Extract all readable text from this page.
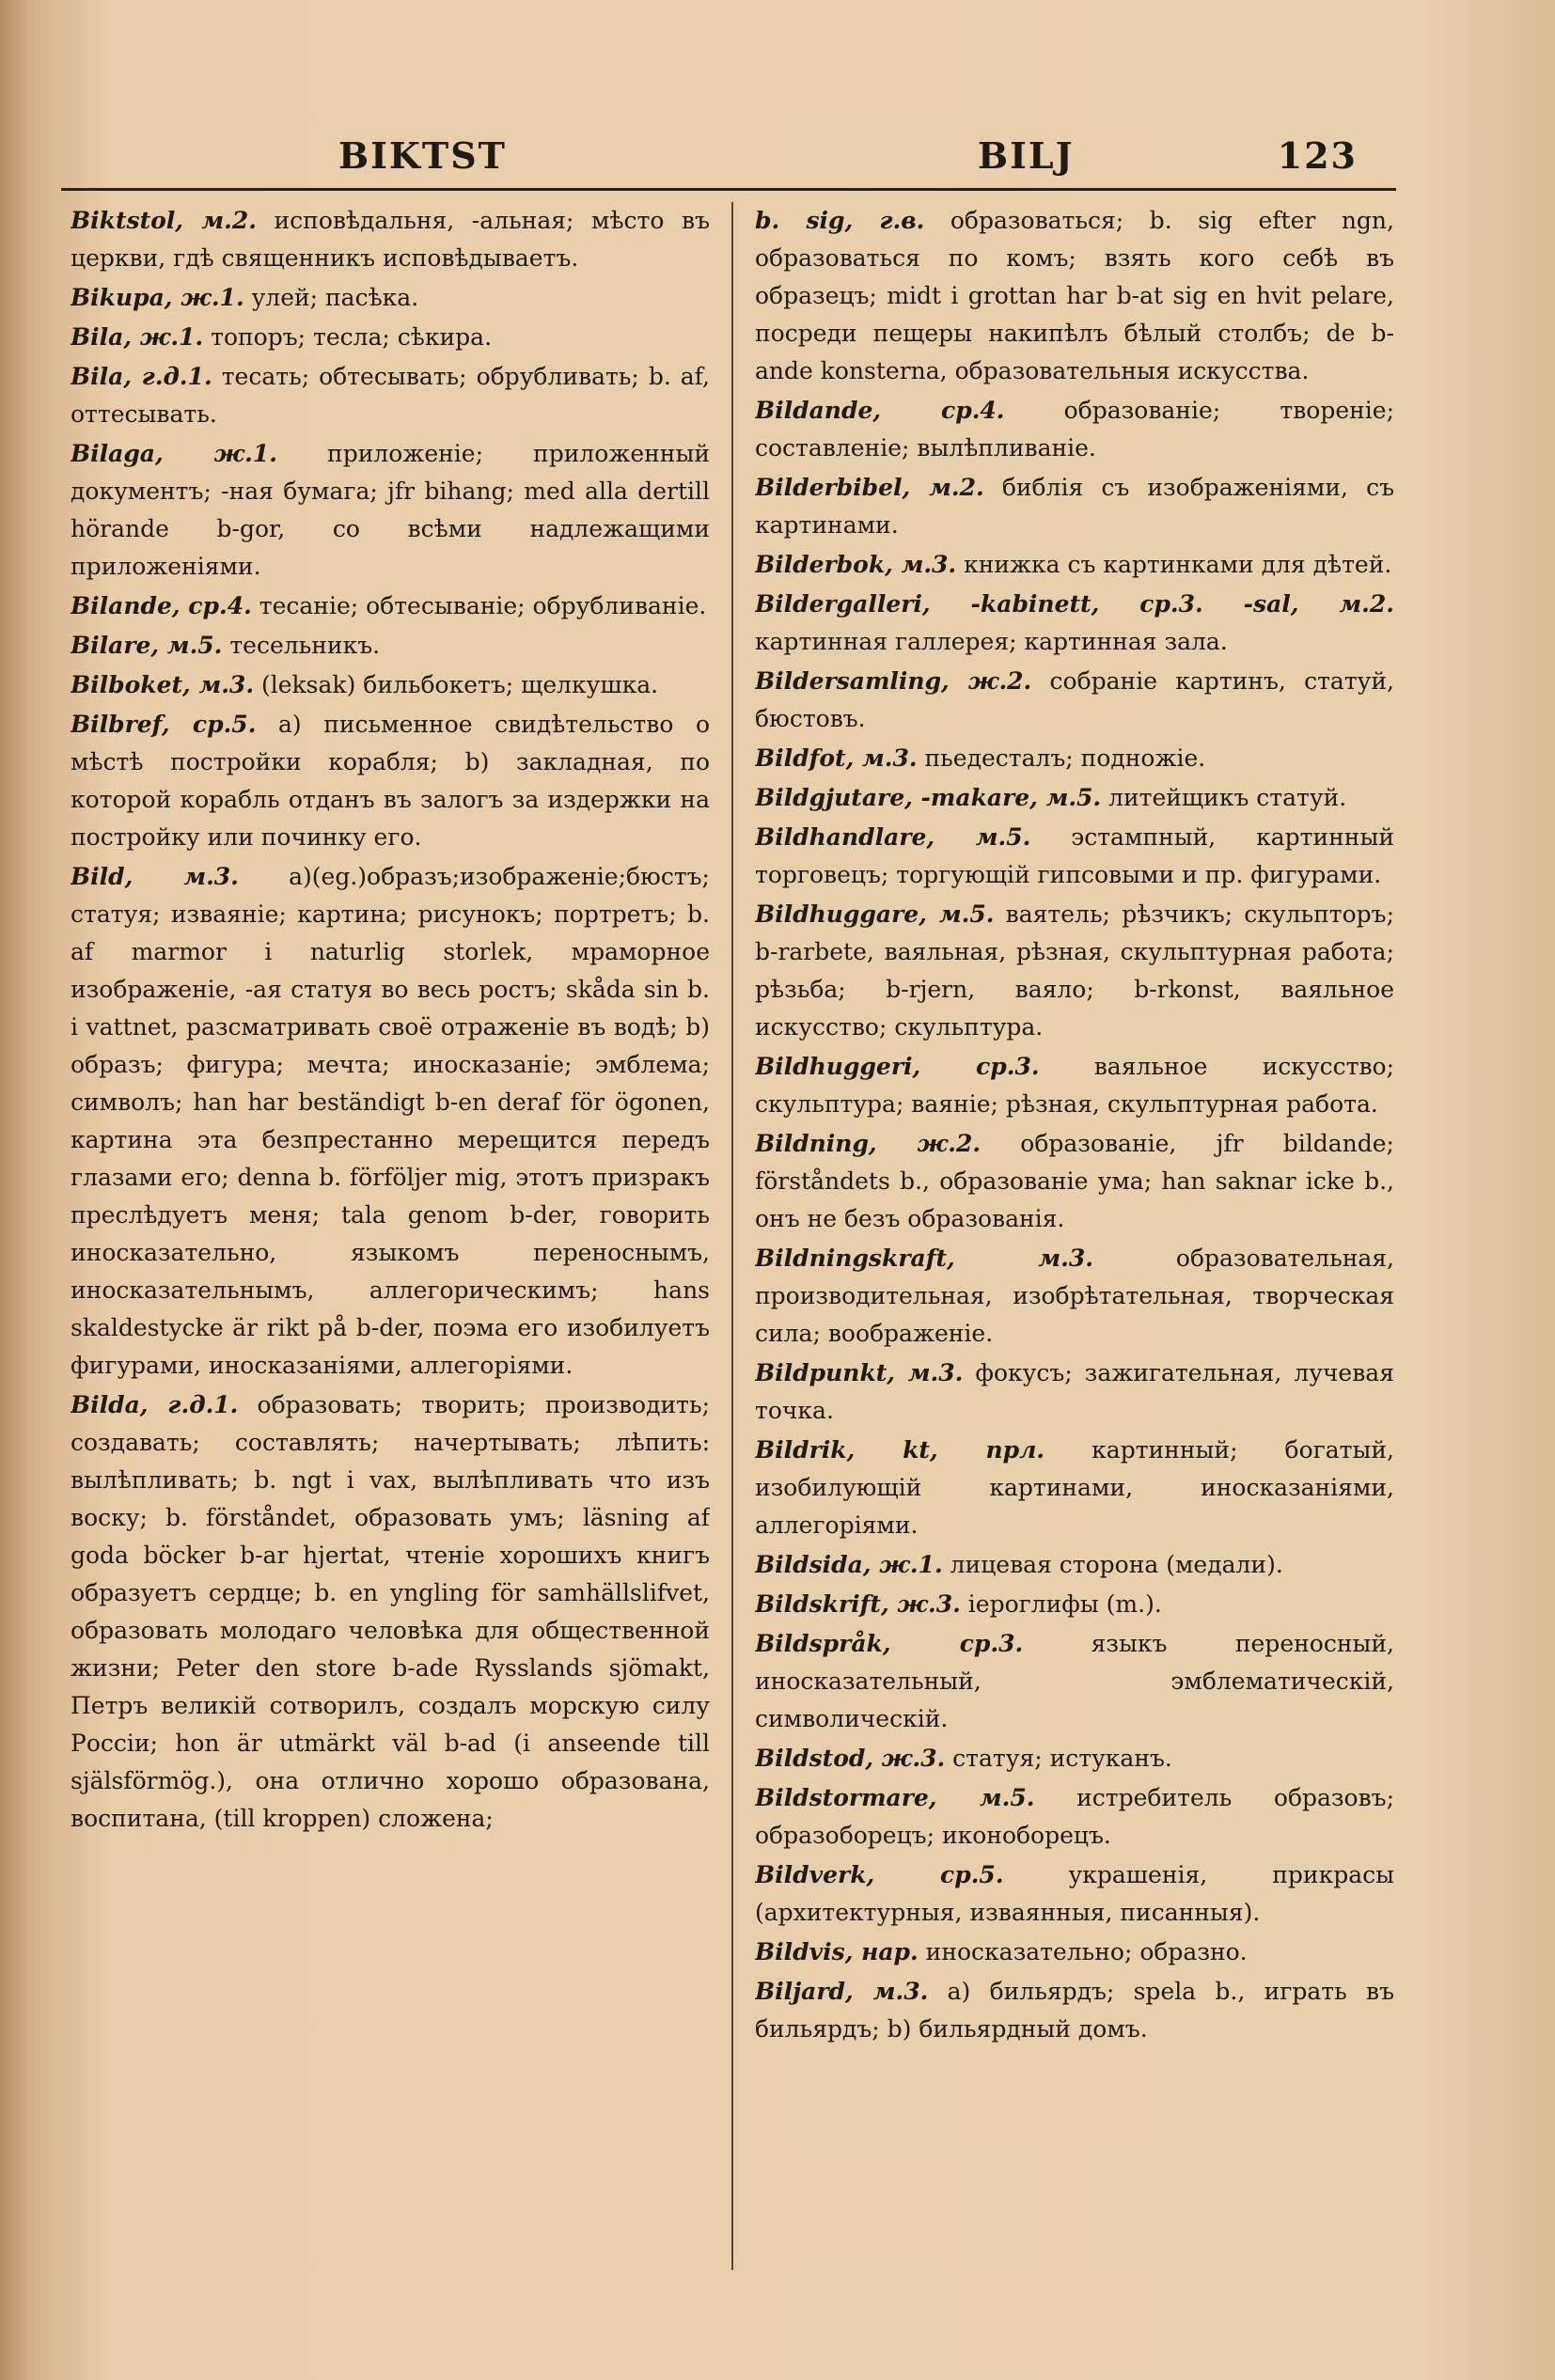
BIKTST	BILJ	123
Biktstol, м.2. исповѣдальня, -альная; мѣсто въ церкви, гдѣ священникъ исповѣдываетъ.
Bikupa, ж.1. улей; пасѣка.
Bila, ж.1. топоръ; тесла; сѣкира.
Bila, г.д.1. тесать; обтесывать; обрубливать; b. af, оттесывать.
Bilaga, ж.1. приложеніе; приложенный документъ; -ная бумага; jfr bihang; med alla dertill hörande b-gor, со всѣми надлежащими приложеніями.
Bilande, ср.4. тесаніе; обтесываніе; обрубливаніе.
Bilare, м.5. тесельникъ.
Bilboket, м.3. (leksak) бильбокетъ; щелкушка.
Bilbref, ср.5. a) письменное свидѣтельство о мѣстѣ постройки корабля; b) закладная, по которой корабль отданъ въ залогъ за издержки на постройку или починку его.
Bild, м.3. a)(eg.)образъ;изображеніе;бюстъ; статуя; изваяніе; картина; рисунокъ; портретъ; b. af marmor i naturlig storlek, мраморное изображеніе, -ая статуя во весь ростъ; skåda sin b. i vattnet, разсматривать своё отраженіе въ водѣ; b) образъ; фигура; мечта; иносказаніе; эмблема; символъ; han har beständigt b-en deraf för ögonen, картина эта безпрестанно мерещится передъ глазами его; denna b. förföljer mig, этотъ призракъ преслѣдуетъ меня; tala genom b-der, говорить иносказательно, языкомъ переноснымъ, иносказательнымъ, аллегорическимъ; hans skaldestycke är rikt på b-der, поэма его изобилуетъ фигурами, иносказаніями, аллегоріями.
Bilda, г.д.1. образовать; творить; производить; создавать; составлять; начертывать; лѣпить: вылѣпливать; b. ngt i vax, вылѣпливать что изъ воску; b. förståndet, образовать умъ; läsning af goda böcker b-ar hjertat, чтеніе хорошихъ книгъ образуетъ сердце; b. en yngling för samhällslifvet, образовать молодаго человѣка для общественной жизни; Peter den store b-ade Rysslands sjömakt, Петръ великій сотворилъ, создалъ морскую силу Россіи; hon är utmärkt väl b-ad (i anseende till själsförmög.), она отлично хорошо образована, воспитана, (till kroppen) сложена;
b. sig, г.в. образоваться; b. sig efter ngn, образоваться по комъ; взять кого себѣ въ образецъ; midt i grottan har b-at sig en hvit pelare, посреди пещеры накипѣлъ бѣлый столбъ; de b-ande konsterna, образовательныя искусства.
Bildande, ср.4. образованіе; твореніе; составленіе; вылѣпливаніе.
Bilderbibel, м.2. библія съ изображеніями, съ картинами.
Bilderbok, м.3. книжка съ картинками для дѣтей.
Bildergalleri, -kabinett, ср.3. -sal, м.2. картинная галлерея; картинная зала.
Bildersamling, ж.2. собраніе картинъ, статуй, бюстовъ.
Bildfot, м.3. пьедесталъ; подножіе.
Bildgjutare, -makare, м.5. литейщикъ статуй.
Bildhandlare, м.5. эстампный, картинный торговецъ; торгующій гипсовыми и пр. фигурами.
Bildhuggare, м.5. ваятель; рѣзчикъ; скульпторъ; b-rarbete, ваяльная, рѣзная, скульптурная работа; рѣзьба; b-rjern, ваяло; b-rkonst, ваяльное искусство; скульптура.
Bildhuggeri, ср.3. ваяльное искусство; скульптура; ваяніе; рѣзная, скульптурная работа.
Bildning, ж.2. образованіе, jfr bildande; förståndets b., образованіе ума; han saknar icke b., онъ не безъ образованія.
Bildningskraft, м.3. образовательная, производительная, изобрѣтательная, творческая сила; воображеніе.
Bildpunkt, м.3. фокусъ; зажигательная, лучевая точка.
Bildrik, kt, прл. картинный; богатый, изобилующій картинами, иносказаніями, аллегоріями.
Bildsida, ж.1. лицевая сторона (медали).
Bildskrift, ж.3. іероглифы (m.).
Bildspråk, ср.3. языкъ переносный, иносказательный, эмблематическій, символическій.
Bildstod, ж.3. статуя; истуканъ.
Bildstormare, м.5. истребитель образовъ; образоборецъ; иконоборецъ.
Bildverk, ср.5. украшенія, прикрасы (архитектурныя, изваянныя, писанныя).
Bildvis, нар. иносказательно; образно.
Biljard, м.3. a) бильярдъ; spela b., играть въ бильярдъ; b) бильярдный домъ.
